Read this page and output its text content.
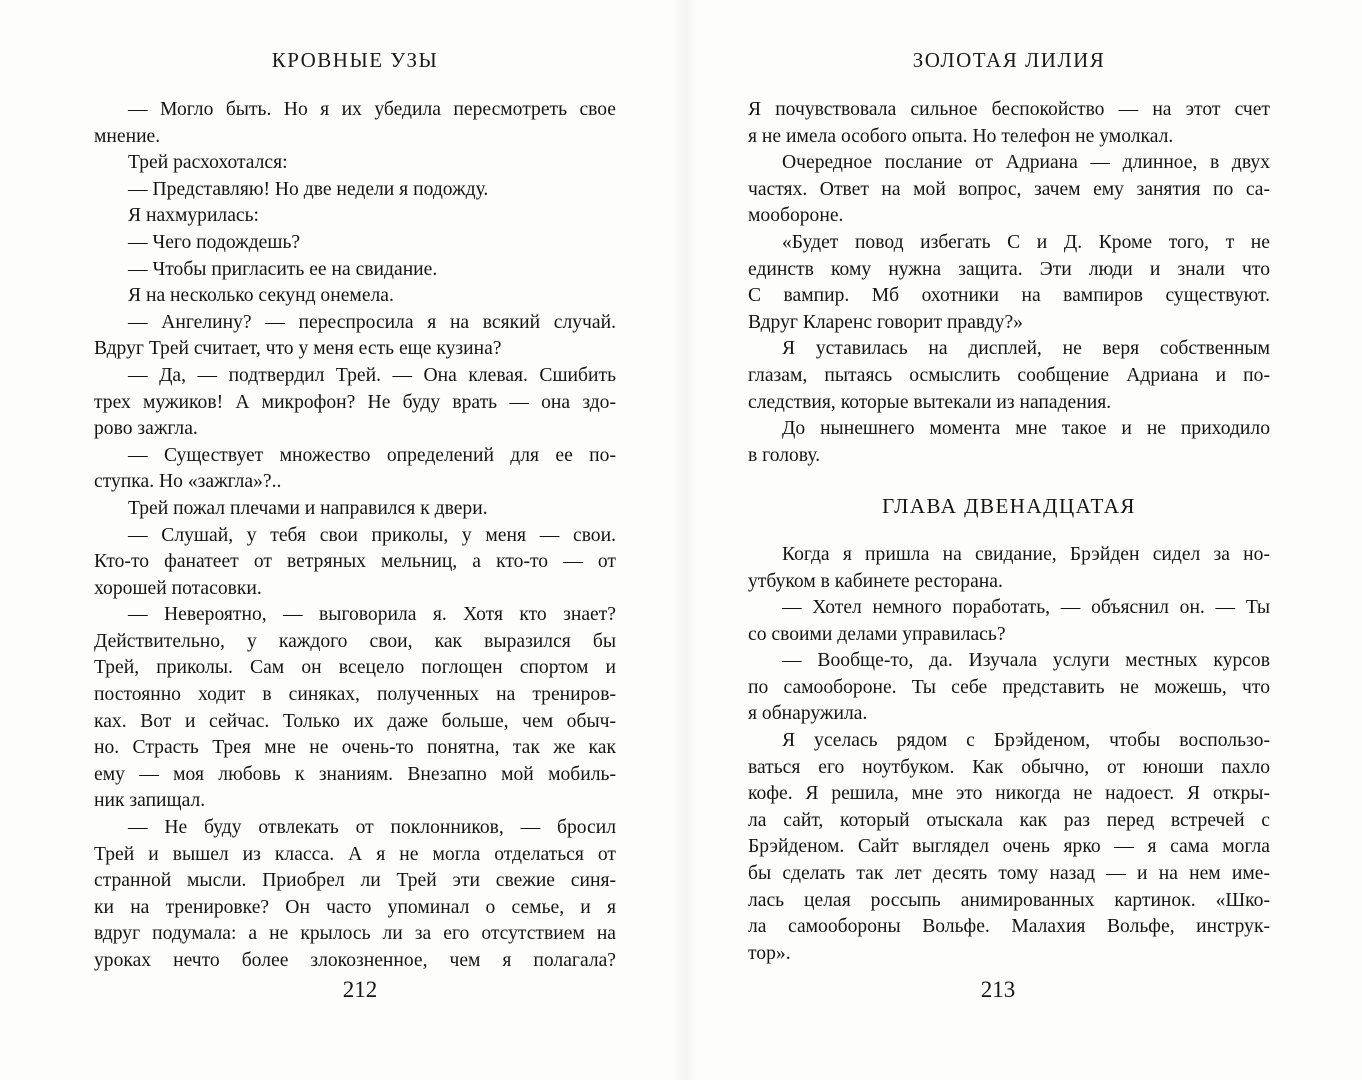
КРОВНЫЕ УЗЫ
— Могло быть. Но я их убедила пересмотреть свое
мнение.
Трей расхохотался:
— Представляю! Но две недели я подожду.
Я нахмурилась:
— Чего подождешь?
— Чтобы пригласить ее на свидание.
Я на несколько секунд онемела.
— Ангелину? — переспросила я на всякий случай.
Вдруг Трей считает, что у меня есть еще кузина?
— Да, — подтвердил Трей. — Она клевая. Сшибить
трех мужиков! А микрофон? Не буду врать — она здо-
рово зажгла.
— Существует множество определений для ее по-
ступка. Но «зажгла»?..
Трей пожал плечами и направился к двери.
— Слушай, у тебя свои приколы, у меня — свои.
Кто-то фанатеет от ветряных мельниц, а кто-то — от
хорошей потасовки.
— Невероятно, — выговорила я. Хотя кто знает?
Действительно, у каждого свои, как выразился бы
Трей, приколы. Сам он всецело поглощен спортом и
постоянно ходит в синяках, полученных на трениров-
ках. Вот и сейчас. Только их даже больше, чем обыч-
но. Страсть Трея мне не очень-то понятна, так же как
ему — моя любовь к знаниям. Внезапно мой мобиль-
ник запищал.
— Не буду отвлекать от поклонников, — бросил
Трей и вышел из класса. А я не могла отделаться от
странной мысли. Приобрел ли Трей эти свежие синя-
ки на тренировке? Он часто упоминал о семье, и я
вдруг подумала: а не крылось ли за его отсутствием на
уроках нечто более злокозненное, чем я полагала?
212
ЗОЛОТАЯ ЛИЛИЯ
Я почувствовала сильное беспокойство — на этот счет
я не имела особого опыта. Но телефон не умолкал.
Очередное послание от Адриана — длинное, в двух
частях. Ответ на мой вопрос, зачем ему занятия по са-
мообороне.
«Будет повод избегать С и Д. Кроме того, т не
единств кому нужна защита. Эти люди и знали что
С вампир. Мб охотники на вампиров существуют.
Вдруг Кларенс говорит правду?»
Я уставилась на дисплей, не веря собственным
глазам, пытаясь осмыслить сообщение Адриана и по-
следствия, которые вытекали из нападения.
До нынешнего момента мне такое и не приходило
в голову.
ГЛАВА ДВЕНАДЦАТАЯ
Когда я пришла на свидание, Брэйден сидел за но-
утбуком в кабинете ресторана.
— Хотел немного поработать, — объяснил он. — Ты
со своими делами управилась?
— Вообще-то, да. Изучала услуги местных курсов
по самообороне. Ты себе представить не можешь, что
я обнаружила.
Я уселась рядом с Брэйденом, чтобы воспользо-
ваться его ноутбуком. Как обычно, от юноши пахло
кофе. Я решила, мне это никогда не надоест. Я откры-
ла сайт, который отыскала как раз перед встречей с
Брэйденом. Сайт выглядел очень ярко — я сама могла
бы сделать так лет десять тому назад — и на нем име-
лась целая россыпь анимированных картинок. «Шко-
ла самообороны Вольфе. Малахия Вольфе, инструк-
тор».
213
